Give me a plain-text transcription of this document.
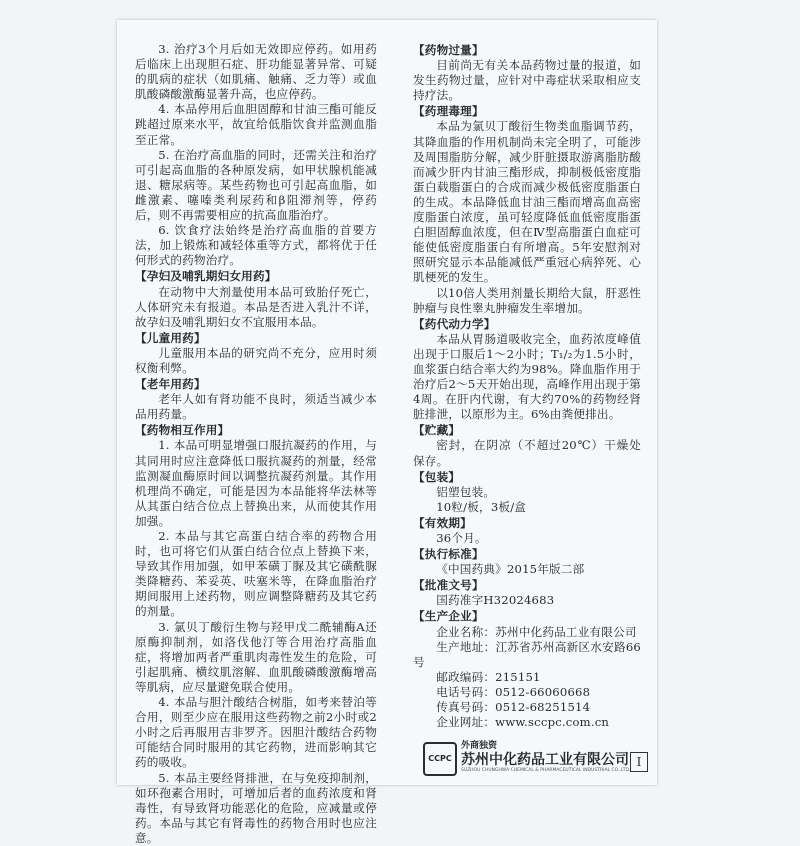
3. 治疗3个月后如无效即应停药。如用药后临床上出现胆石症、肝功能显著异常、可疑的肌病的症状（如肌痛、触痛、乏力等）或血肌酸磷酸激酶显著升高，也应停药。

4. 本品停用后血胆固醇和甘油三酯可能反跳超过原来水平，故宜给低脂饮食并监测血脂至正常。

5. 在治疗高血脂的同时，还需关注和治疗可引起高血脂的各种原发病，如甲状腺机能减退、糖尿病等。某些药物也可引起高血脂，如雌激素、噻嗪类利尿药和β阻滞剂等，停药后，则不再需要相应的抗高血脂治疗。

6. 饮食疗法始终是治疗高血脂的首要方法，加上锻炼和减轻体重等方式，都将优于任何形式的药物治疗。

【孕妇及哺乳期妇女用药】

在动物中大剂量使用本品可致胎仔死亡，人体研究未有报道。本品是否进入乳汁不详，故孕妇及哺乳期妇女不宜服用本品。

【儿童用药】

儿童服用本品的研究尚不充分，应用时须权衡利弊。

【老年用药】

老年人如有肾功能不良时，须适当减少本品用药量。

【药物相互作用】

1. 本品可明显增强口服抗凝药的作用，与其同用时应注意降低口服抗凝药的剂量，经常监测凝血酶原时间以调整抗凝药剂量。其作用机理尚不确定，可能是因为本品能将华法林等从其蛋白结合位点上替换出来，从而使其作用加强。

2. 本品与其它高蛋白结合率的药物合用时，也可将它们从蛋白结合位点上替换下来，导致其作用加强，如甲苯磺丁脲及其它磺酰脲类降糖药、苯妥英、呋塞米等，在降血脂治疗期间服用上述药物，则应调整降糖药及其它药的剂量。

3. 氯贝丁酸衍生物与羟甲戊二酰辅酶A还原酶抑制剂，如洛伐他汀等合用治疗高脂血症，将增加两者严重肌肉毒性发生的危险，可引起肌痛、横纹肌溶解、血肌酸磷酸激酶增高等肌病，应尽量避免联合使用。

4. 本品与胆汁酸结合树脂，如考来替泊等合用，则至少应在服用这些药物之前2小时或2小时之后再服用吉非罗齐。因胆汁酸结合药物可能结合同时服用的其它药物，进而影响其它药的吸收。

5. 本品主要经肾排泄，在与免疫抑制剂，如环孢素合用时，可增加后者的血药浓度和肾毒性，有导致肾功能恶化的危险，应减量或停药。本品与其它有肾毒性的药物合用时也应注意。

【药物过量】

目前尚无有关本品药物过量的报道，如发生药物过量，应针对中毒症状采取相应支持疗法。

【药理毒理】

本品为氯贝丁酸衍生物类血脂调节药，其降血脂的作用机制尚未完全明了，可能涉及周围脂肪分解，减少肝脏摄取游离脂肪酸而减少肝内甘油三酯形成，抑制极低密度脂蛋白载脂蛋白的合成而减少极低密度脂蛋白的生成。本品降低血甘油三酯而增高血高密度脂蛋白浓度，虽可轻度降低血低密度脂蛋白胆固醇血浓度，但在Ⅳ型高脂蛋白血症可能使低密度脂蛋白有所增高。5年安慰剂对照研究显示本品能减低严重冠心病猝死、心肌梗死的发生。

以10倍人类用剂量长期给大鼠，肝恶性肿瘤与良性睾丸肿瘤发生率增加。

【药代动力学】

本品从胃肠道吸收完全，血药浓度峰值出现于口服后1～2小时；T₁/₂为1.5小时，血浆蛋白结合率大约为98%。降血脂作用于治疗后2～5天开始出现，高峰作用出现于第4周。在肝内代谢，有大约70%的药物经肾脏排泄，以原形为主。6%由粪便排出。

【贮藏】

密封，在阴凉（不超过20℃）干燥处保存。

【包装】

铝塑包装。

10粒/板，3板/盒

【有效期】

36个月。

【执行标准】

《中国药典》2015年版二部

【批准文号】

国药准字H32024683

【生产企业】

企业名称：苏州中化药品工业有限公司

生产地址：江苏省苏州高新区水安路66号

邮政编码：215151

电话号码：0512-66060668

传真号码：0512-68251514

企业网址：www.sccpc.com.cn

CCPC
外商独资
苏州中化药品工业有限公司
SUZHOU CHUNGHWA CHEMICAL & PHARMACEUTICAL INDUSTRIAL CO.,LTD.
I
